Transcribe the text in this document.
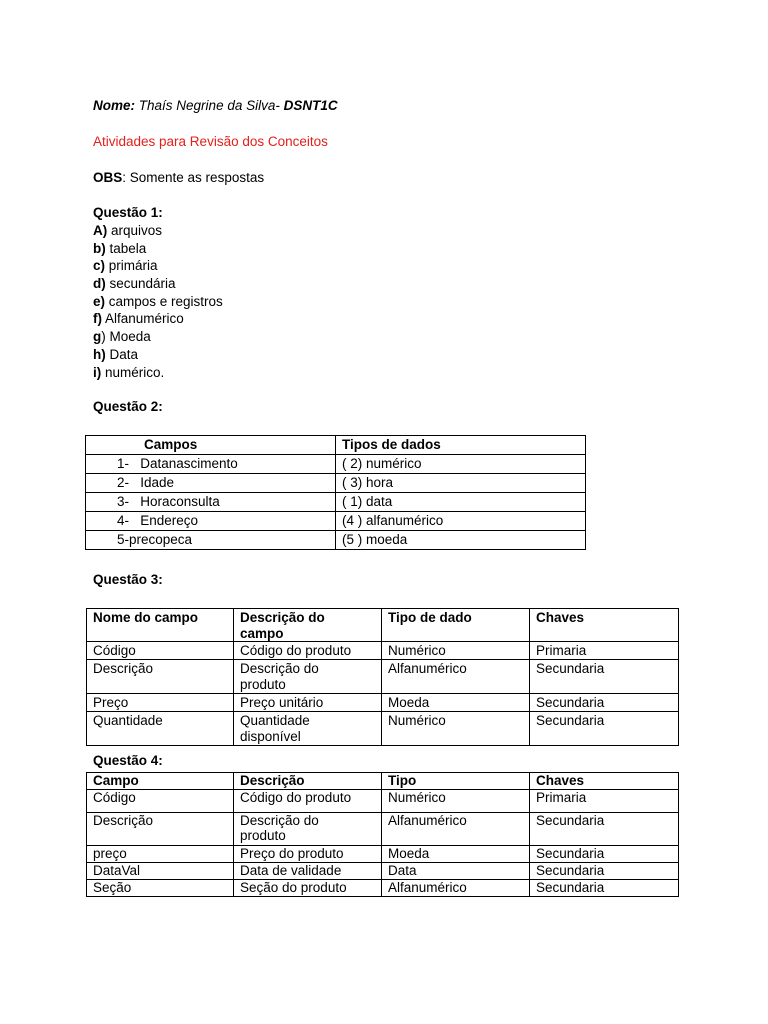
Nome: Thaís Negrine da Silva- DSNT1C
Atividades para Revisão dos Conceitos
OBS: Somente as respostas
Questão 1:
A) arquivos
b) tabela
c) primária
d) secundária
e) campos e registros
f) Alfanumérico
g) Moeda
h) Data
i) numérico.
Questão 2:
Campos	Tipos de dados
1-   Datanascimento	( 2) numérico
2-   Idade	( 3) hora
3-   Horaconsulta	( 1) data
4-   Endereço	(4 ) alfanumérico
5-precopeca	(5 ) moeda
Questão 3:
Nome do campo	Descrição do campo	Tipo de dado	Chaves
Código	Código do produto	Numérico	Primaria
Descrição	Descrição do produto	Alfanumérico	Secundaria
Preço	Preço unitário	Moeda	Secundaria
Quantidade	Quantidade disponível	Numérico	Secundaria
Questão 4:
Campo	Descrição	Tipo	Chaves
Código	Código do produto	Numérico	Primaria
Descrição	Descrição do produto	Alfanumérico	Secundaria
preço	Preço do produto	Moeda	Secundaria
DataVal	Data de validade	Data	Secundaria
Seção	Seção do produto	Alfanumérico	Secundaria
